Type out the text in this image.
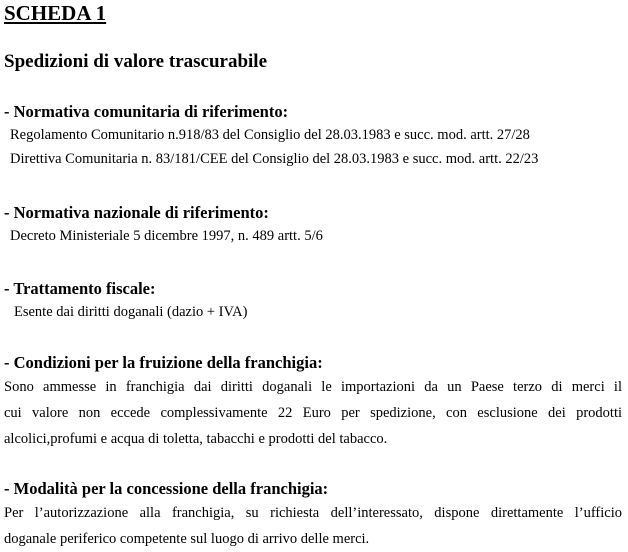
SCHEDA 1
Spedizioni di valore trascurabile
- Normativa comunitaria di riferimento:
Regolamento Comunitario n.918/83 del Consiglio del 28.03.1983 e succ. mod. artt. 27/28
Direttiva Comunitaria n. 83/181/CEE del Consiglio del 28.03.1983 e succ. mod. artt. 22/23
- Normativa nazionale di riferimento:
Decreto Ministeriale 5 dicembre 1997, n. 489 artt. 5/6
- Trattamento fiscale:
Esente dai diritti doganali (dazio + IVA)
- Condizioni per la fruizione della franchigia:
Sono ammesse in franchigia dai diritti doganali le importazioni da un Paese terzo di merci il
cui valore non eccede complessivamente 22 Euro per spedizione, con esclusione dei prodotti
alcolici,profumi e acqua di toletta, tabacchi e prodotti del tabacco.
- Modalità per la concessione della franchigia:
Per l’autorizzazione alla franchigia, su richiesta dell’interessato, dispone direttamente l’ufficio
doganale periferico competente sul luogo di arrivo delle merci.
